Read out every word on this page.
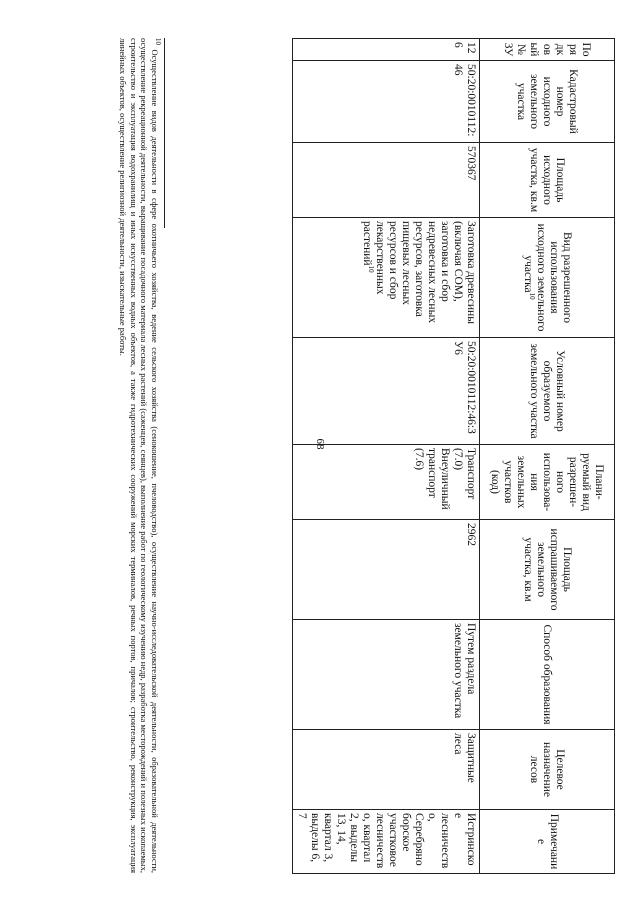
68
Порядковый № ЗУ	Кадастровый номер исходного земельного участка	Площадь исходного участка, кв.м	Вид разрешенного использования исходного земельного участка$^{10}$	Условный номер образуемого земельного участка	Плани-руемый вид разрешен-ного использова-ния земельных участков (код)	Площадь испрашиваемого земельного участка, кв.м	Способ образования	Целевое назначение лесов	Примечание
126	50:20:0010112:46	570367	Заготовка древесины (включая СОМ), заготовка и сбор недревесных лесных ресурсов, заготовка пищевых лесных ресурсов и сбор лекарственных растений$^{10}$	50:20:0010112:46:ЗУ6	Транспорт (7.0) Внеуличный транспорт (7.6)	2962	Путем раздела земельного участка	Защитные леса	Истринское лесничество, Серебряноборское участковое лесничество, квартал 2, выделы 13, 14, квартал 3, выделы 6, 7
$^{10}$ Осуществление видов деятельности в сфере охотничьего хозяйства, ведение сельского хозяйства (сенокошение, пчеловодство), осуществление научно-исследовательской деятельности, образовательной деятельности, осуществление рекреационной деятельности, выращивание посадочного материала лесных растений (саженцев, сеянцев), выполнение работ по геологическому изучению недр, разработка месторождений и полезных ископаемых, строительство и эксплуатация водохранилищ и иных искусственных водных объектов, а также гидротехнических сооружений морских терминалов, речных портов, причалов; строительство, реконструкция, эксплуатация линейных объектов, осуществление религиозной деятельности, изыскательные работы.
